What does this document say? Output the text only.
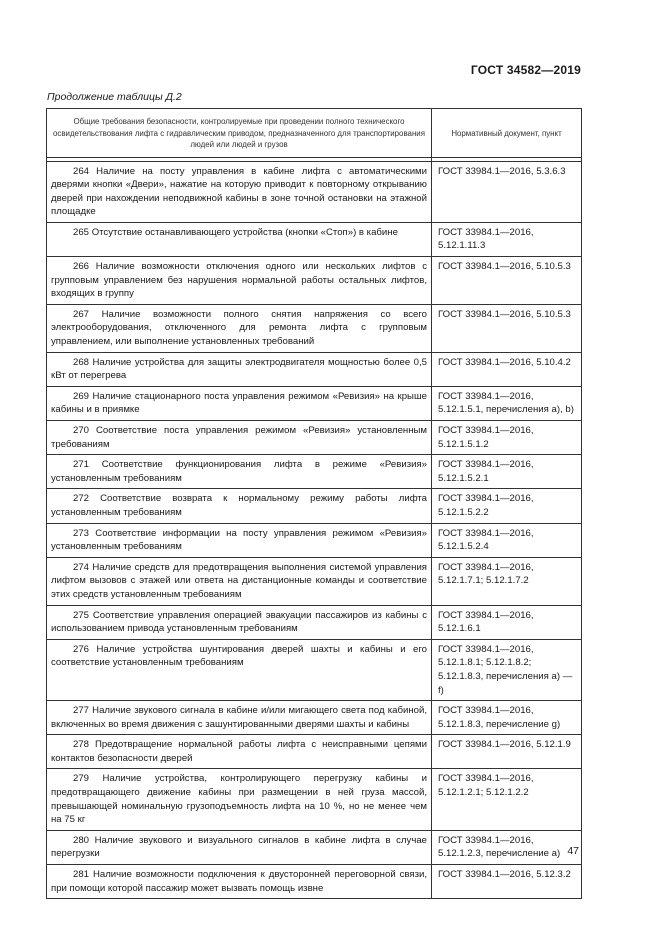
ГОСТ 34582—2019
Продолжение таблицы Д.2
Общие требования безопасности, контролируемые при проведении полного технического освидетельствования лифта с гидравлическим приводом, предназначенного для транспортирования людей или людей и грузов	Нормативный документ, пункт

264 Наличие на посту управления в кабине лифта с автоматическими дверями кнопки «Двери», нажатие на которую приводит к повторному открыванию дверей при нахождении неподвижной кабины в зоне точной остановки на этажной площадке	ГОСТ 33984.1—2016, 5.3.6.3
265 Отсутствие останавливающего устройства (кнопки «Стоп») в кабине	ГОСТ 33984.1—2016, 5.12.1.11.3
266 Наличие возможности отключения одного или нескольких лифтов с групповым управлением без нарушения нормальной работы остальных лифтов, входящих в группу	ГОСТ 33984.1—2016, 5.10.5.3
267 Наличие возможности полного снятия напряжения со всего электрооборудования, отключенного для ремонта лифта с групповым управлением, или выполнение установленных требований	ГОСТ 33984.1—2016, 5.10.5.3
268 Наличие устройства для защиты электродвигателя мощностью более 0,5 кВт от перегрева	ГОСТ 33984.1—2016, 5.10.4.2
269 Наличие стационарного поста управления режимом «Ревизия» на крыше кабины и в приямке	ГОСТ 33984.1—2016, 5.12.1.5.1, перечисления a), b)
270 Соответствие поста управления режимом «Ревизия» установленным требованиям	ГОСТ 33984.1—2016, 5.12.1.5.1.2
271 Соответствие функционирования лифта в режиме «Ревизия» установленным требованиям	ГОСТ 33984.1—2016, 5.12.1.5.2.1
272 Соответствие возврата к нормальному режиму работы лифта установленным требованиям	ГОСТ 33984.1—2016, 5.12.1.5.2.2
273 Соответствие информации на посту управления режимом «Ревизия» установленным требованиям	ГОСТ 33984.1—2016, 5.12.1.5.2.4
274 Наличие средств для предотвращения выполнения системой управления лифтом вызовов с этажей или ответа на дистанционные команды и соответствие этих средств установленным требованиям	ГОСТ 33984.1—2016, 5.12.1.7.1; 5.12.1.7.2
275 Соответствие управления операцией эвакуации пассажиров из кабины с использованием привода установленным требованиям	ГОСТ 33984.1—2016, 5.12.1.6.1
276 Наличие устройства шунтирования дверей шахты и кабины и его соответствие установленным требованиям	ГОСТ 33984.1—2016, 5.12.1.8.1; 5.12.1.8.2; 5.12.1.8.3, перечисления a) — f)
277 Наличие звукового сигнала в кабине и/или мигающего света под кабиной, включенных во время движения с зашунтированными дверями шахты и кабины	ГОСТ 33984.1—2016, 5.12.1.8.3, перечисление g)
278 Предотвращение нормальной работы лифта с неисправными цепями контактов безопасности дверей	ГОСТ 33984.1—2016, 5.12.1.9
279 Наличие устройства, контролирующего перегрузку кабины и предотвращающего движение кабины при размещении в ней груза массой, превышающей номинальную грузоподъемность лифта на 10 %, но не менее чем на 75 кг	ГОСТ 33984.1—2016, 5.12.1.2.1; 5.12.1.2.2
280 Наличие звукового и визуального сигналов в кабине лифта в случае перегрузки	ГОСТ 33984.1—2016, 5.12.1.2.3, перечисление a)
281 Наличие возможности подключения к двусторонней переговорной связи, при помощи которой пассажир может вызвать помощь извне	ГОСТ 33984.1—2016, 5.12.3.2
47
